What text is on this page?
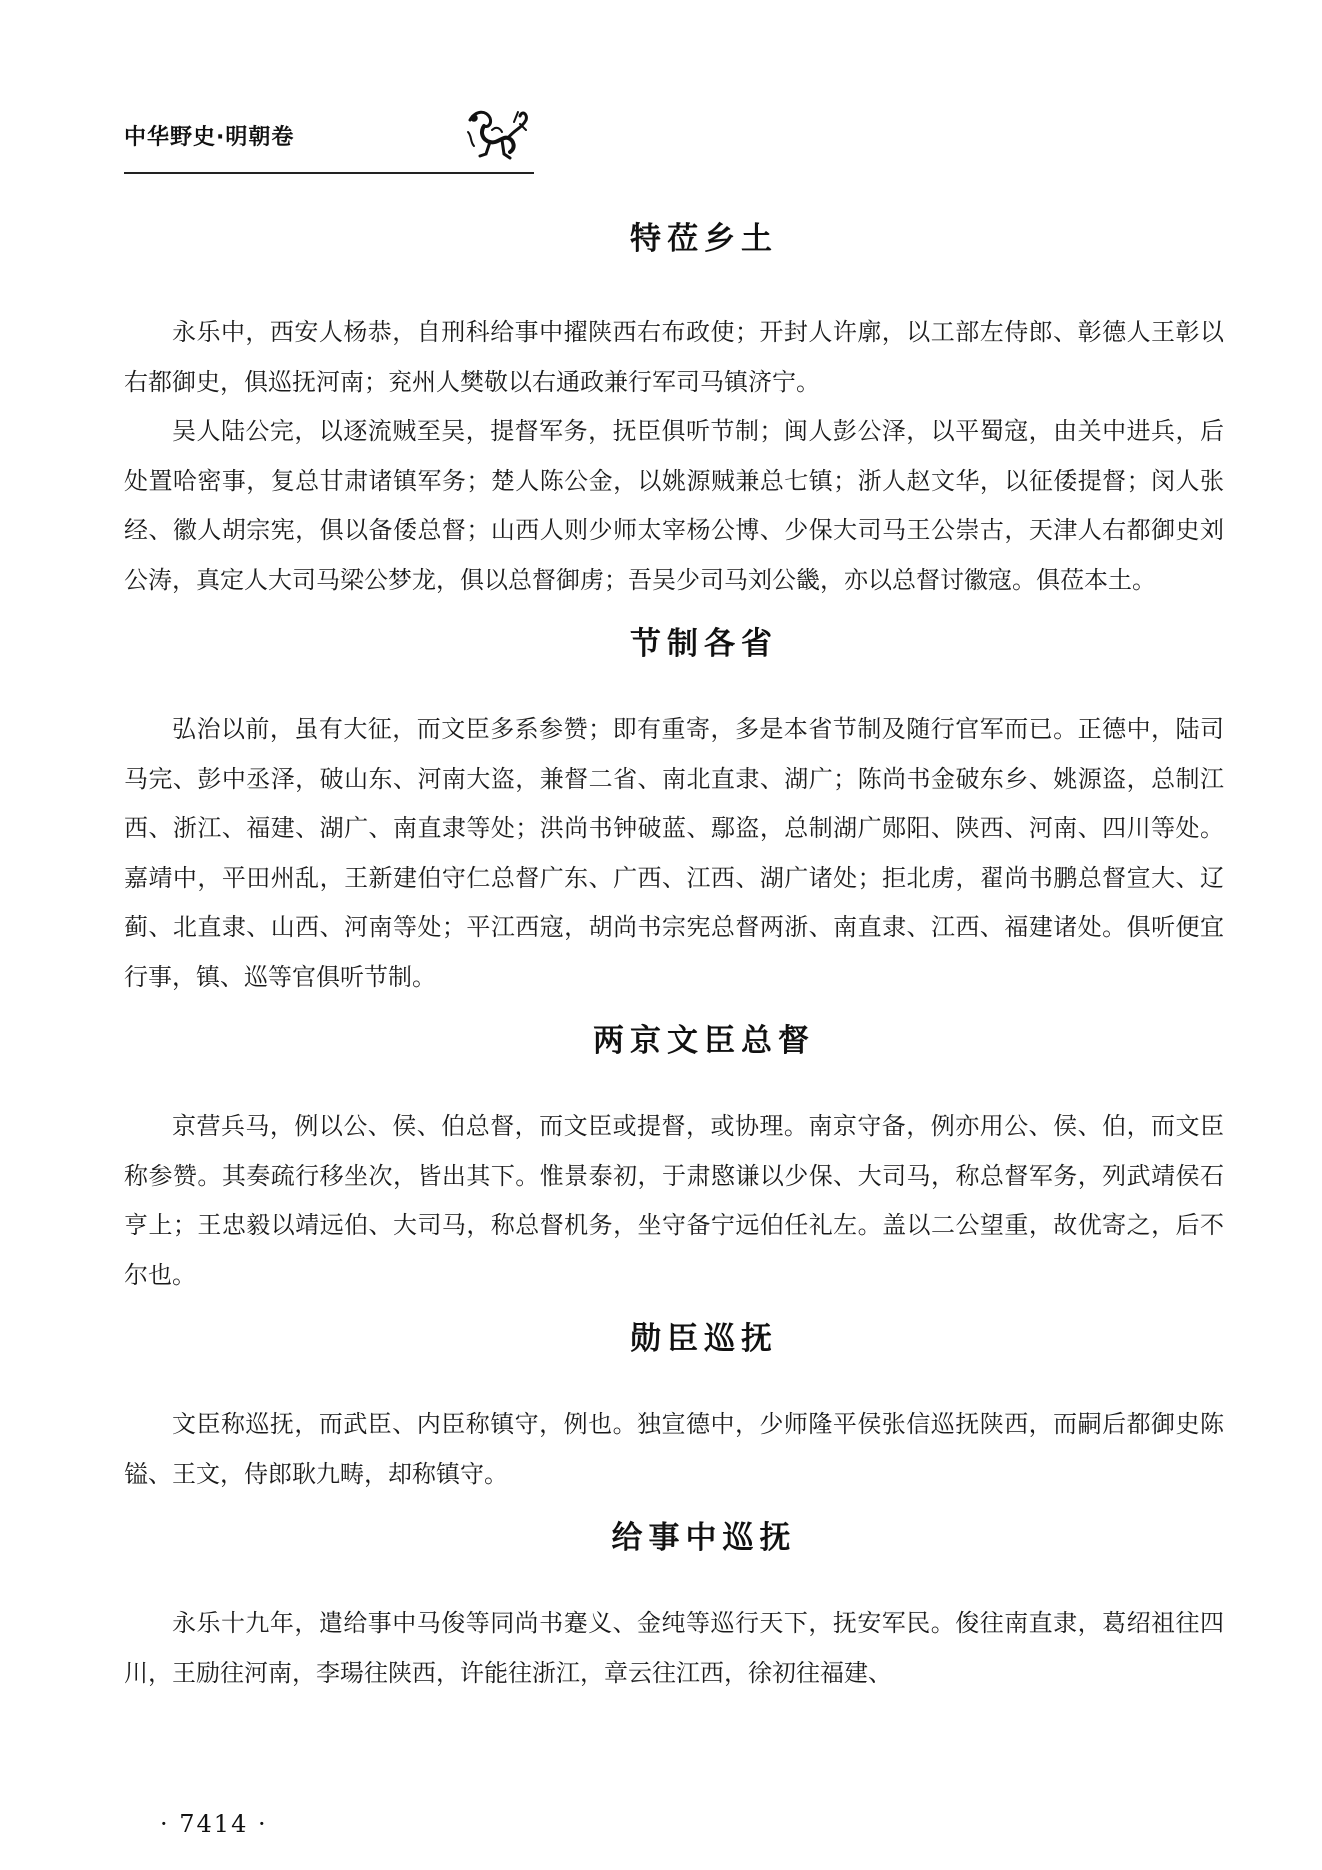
中华野史·明朝卷
特莅乡土

永乐中，西安人杨恭，自刑科给事中擢陕西右布政使；开封人许廓，以工部左侍郎、彰德人王彰以右都御史，俱巡抚河南；兖州人樊敬以右通政兼行军司马镇济宁。

吴人陆公完，以逐流贼至吴，提督军务，抚臣俱听节制；闽人彭公泽，以平蜀寇，由关中进兵，后处置哈密事，复总甘肃诸镇军务；楚人陈公金，以姚源贼兼总七镇；浙人赵文华，以征倭提督；闵人张经、徽人胡宗宪，俱以备倭总督；山西人则少师太宰杨公博、少保大司马王公崇古，天津人右都御史刘公涛，真定人大司马梁公梦龙，俱以总督御虏；吾吴少司马刘公畿，亦以总督讨徽寇。俱莅本土。

节制各省

弘治以前，虽有大征，而文臣多系参赞；即有重寄，多是本省节制及随行官军而已。正德中，陆司马完、彭中丞泽，破山东、河南大盗，兼督二省、南北直隶、湖广；陈尚书金破东乡、姚源盗，总制江西、浙江、福建、湖广、南直隶等处；洪尚书钟破蓝、鄢盗，总制湖广郧阳、陕西、河南、四川等处。嘉靖中，平田州乱，王新建伯守仁总督广东、广西、江西、湖广诸处；拒北虏，翟尚书鹏总督宣大、辽蓟、北直隶、山西、河南等处；平江西寇，胡尚书宗宪总督两浙、南直隶、江西、福建诸处。俱听便宜行事，镇、巡等官俱听节制。

两京文臣总督

京营兵马，例以公、侯、伯总督，而文臣或提督，或协理。南京守备，例亦用公、侯、伯，而文臣称参赞。其奏疏行移坐次，皆出其下。惟景泰初，于肃愍谦以少保、大司马，称总督军务，列武靖侯石亨上；王忠毅以靖远伯、大司马，称总督机务，坐守备宁远伯任礼左。盖以二公望重，故优寄之，后不尔也。

勋臣巡抚

文臣称巡抚，而武臣、内臣称镇守，例也。独宣德中，少师隆平侯张信巡抚陕西，而嗣后都御史陈镒、王文，侍郎耿九畴，却称镇守。

给事中巡抚

永乐十九年，遣给事中马俊等同尚书蹇义、金纯等巡行天下，抚安军民。俊往南直隶，葛绍祖往四川，王励往河南，李瑒往陕西，许能往浙江，章云往江西，徐初往福建、

· 7414 ·
